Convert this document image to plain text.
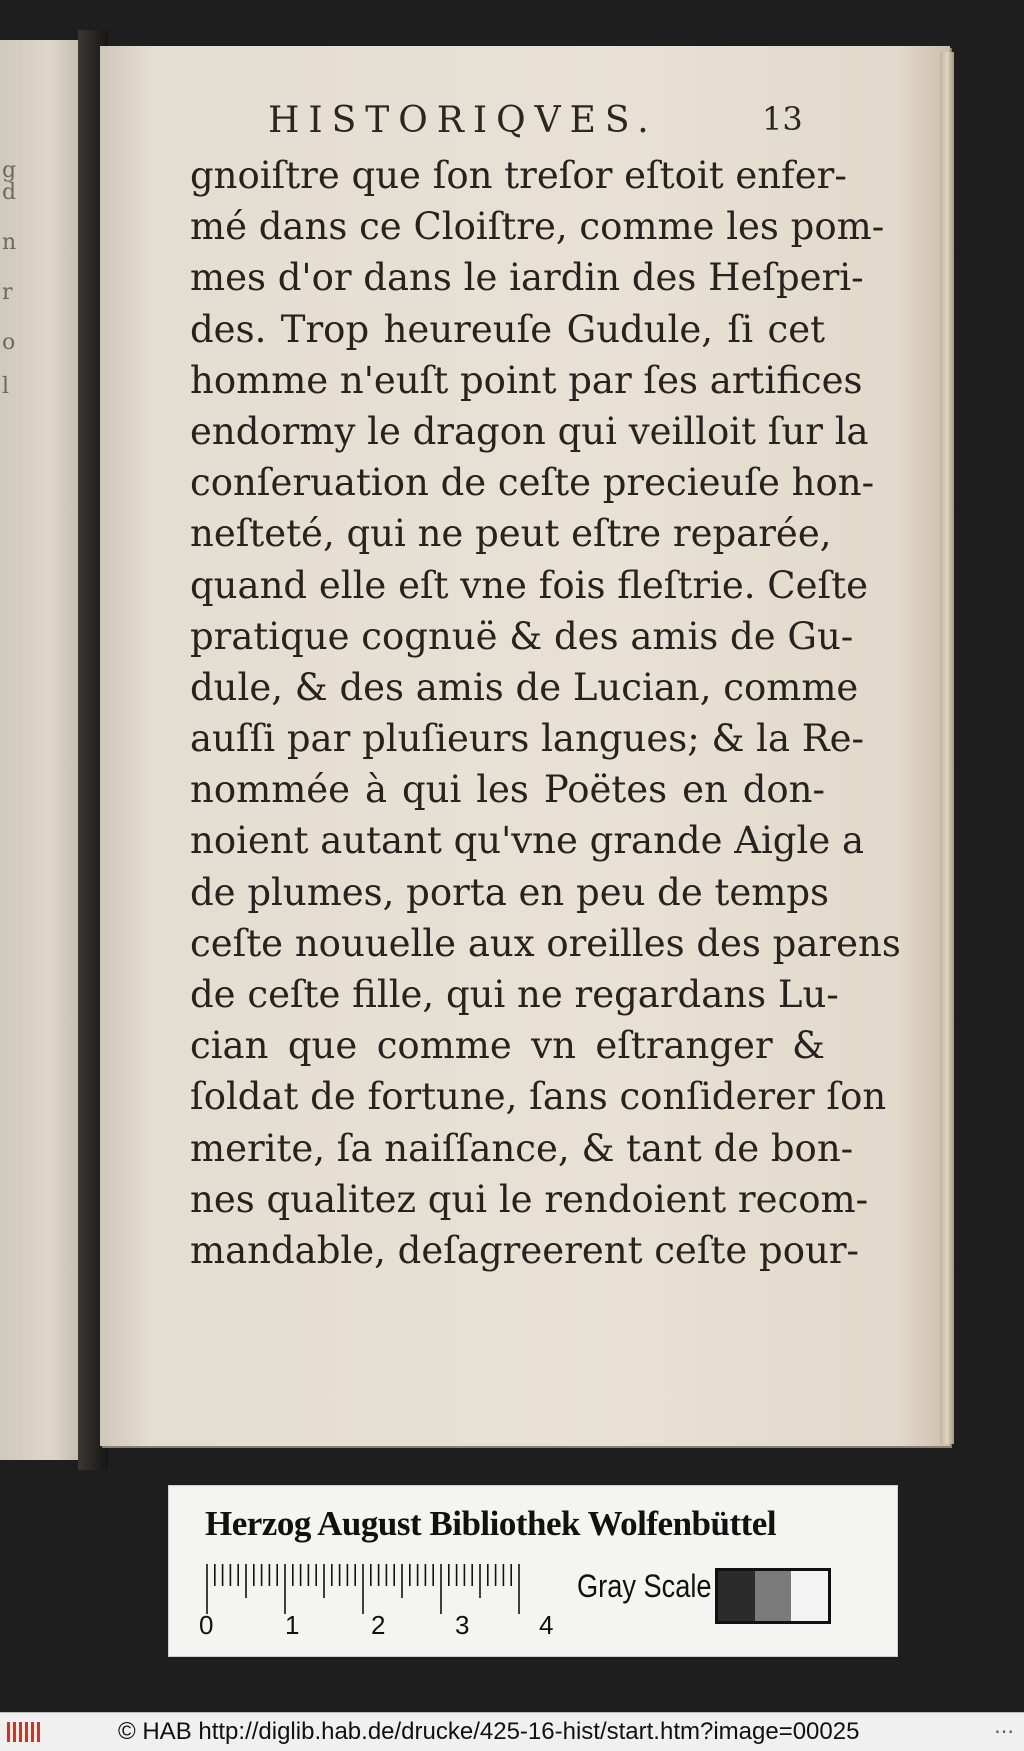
g
d
n
r
o
l
HISTORIQVES.	13
gnoiſtre que ſon treſor eſtoit enfer-
mé dans ce Cloiſtre, comme les pom-
mes d'or dans le iardin des Heſperi-
des. Trop heureuſe Gudule, ſi cet
homme n'euſt point par ſes artifices
endormy le dragon qui veilloit ſur la
conſeruation de ceſte precieuſe hon-
neſteté, qui ne peut eſtre reparée,
quand elle eſt vne fois fleſtrie. Ceſte
pratique cognuë & des amis de Gu-
dule, & des amis de Lucian, comme
auſſi par pluſieurs langues; & la Re-
nommée à qui les Poëtes en don-
noient autant qu'vne grande Aigle a
de plumes, porta en peu de temps
ceſte nouuelle aux oreilles des parens
de ceſte fille, qui ne regardans Lu-
cian que comme vn eſtranger &
ſoldat de fortune, ſans conſiderer ſon
merite, ſa naiſſance, & tant de bon-
nes qualitez qui le rendoient recom-
mandable, deſagreerent ceſte pour-
Herzog August Bibliothek Wolfenbüttel
0	1	2	3	4
Gray Scale
© HAB http://diglib.hab.de/drucke/425-16-hist/start.htm?image=00025	⋯
